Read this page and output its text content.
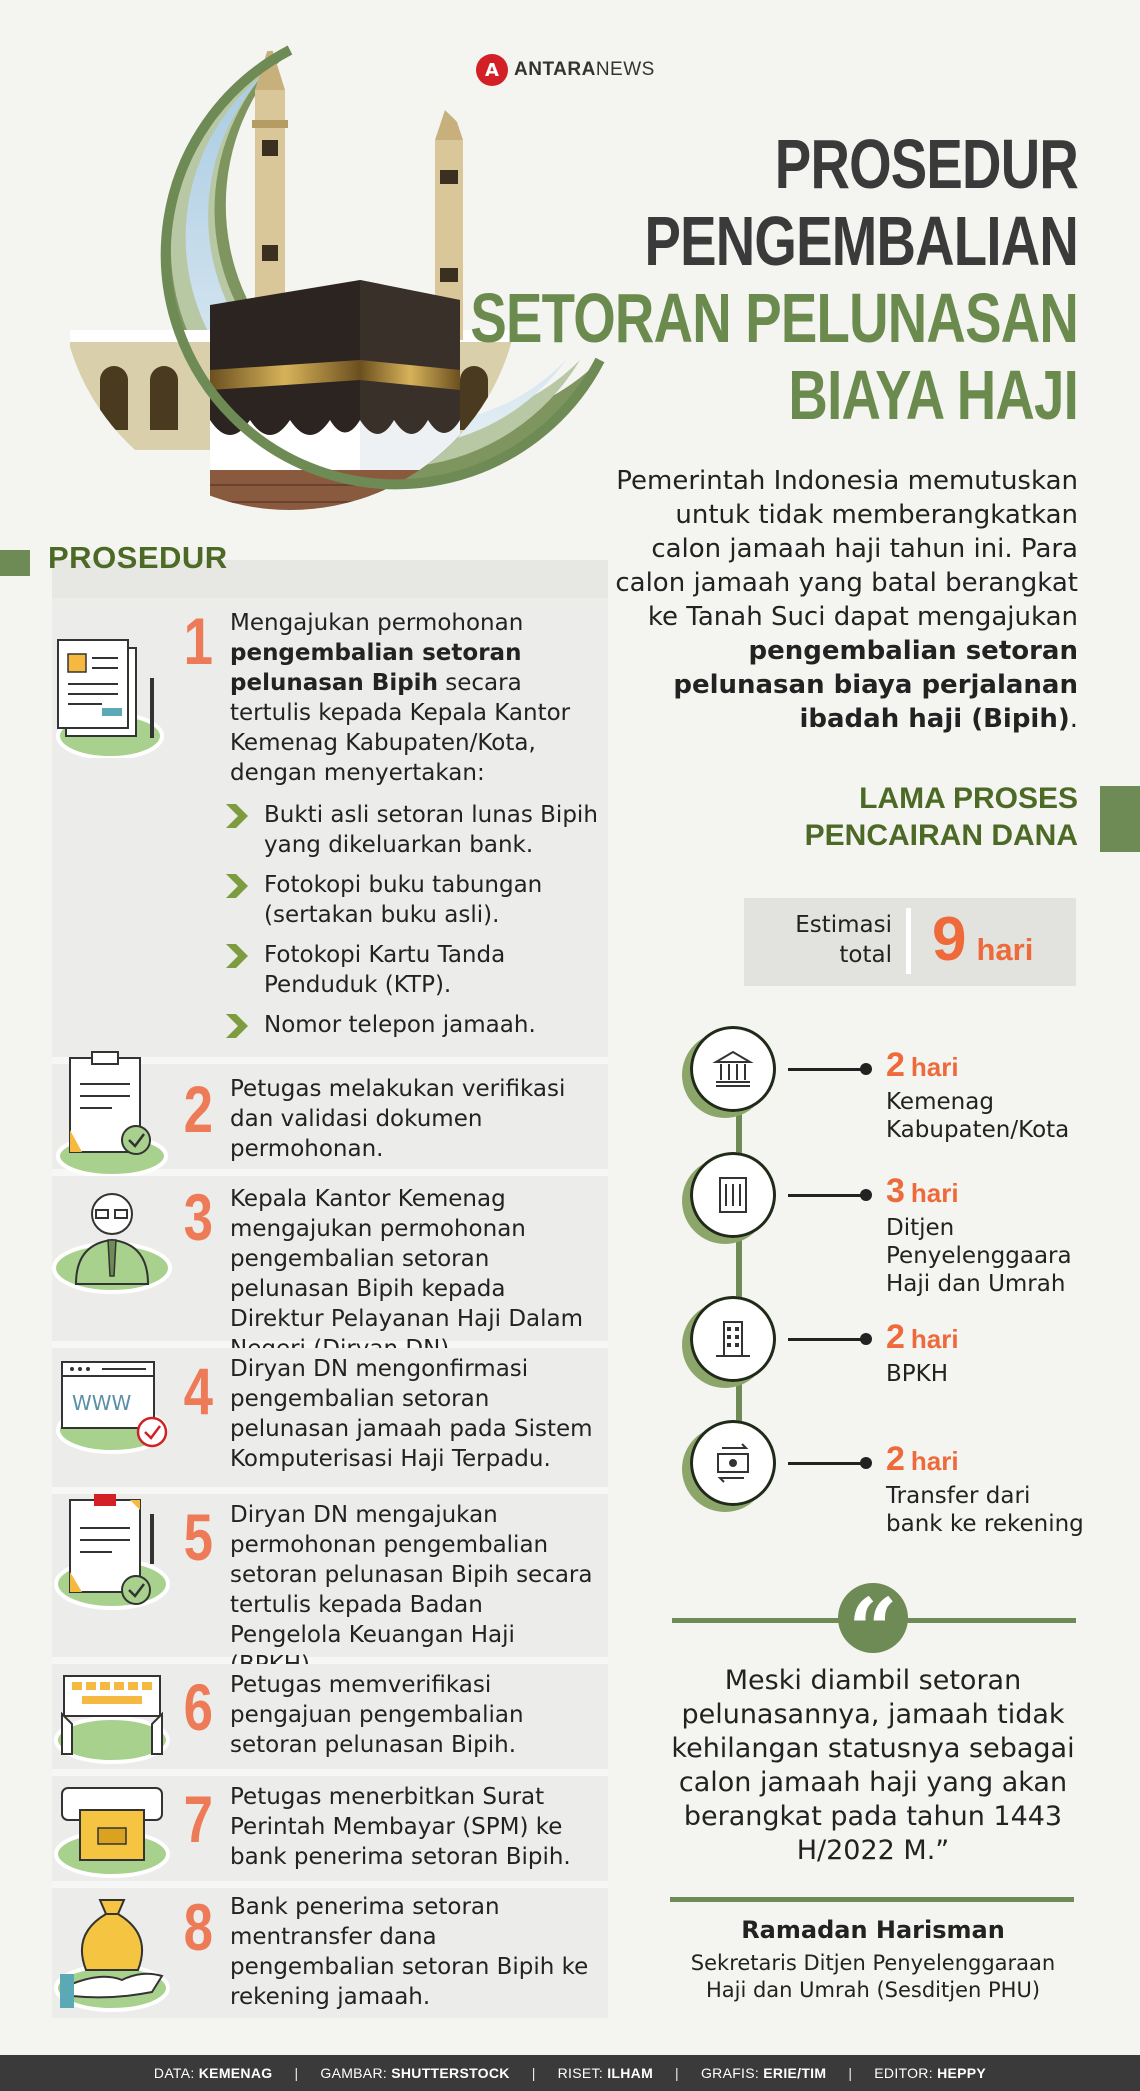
A ANTARANEWS
PROSEDUR
PENGEMBALIAN
SETORAN PELUNASAN
BIAYA HAJI
Pemerintah Indonesia memutuskan untuk tidak memberangkatkan calon jamaah haji tahun ini. Para calon jamaah yang batal berangkat ke Tanah Suci dapat mengajukan pengembalian setoran pelunasan biaya perjalanan ibadah haji (Bipih).
PROSEDUR
1 Mengajukan permohonan pengembalian setoran pelunasan Bipih secara tertulis kepada Kepala Kantor Kemenag Kabupaten/Kota, dengan menyertakan:
Bukti asli setoran lunas Bipih yang dikeluarkan bank.
Fotokopi buku tabungan (sertakan buku asli).
Fotokopi Kartu Tanda Penduduk (KTP).
Nomor telepon jamaah.
2 Petugas melakukan verifikasi dan validasi dokumen permohonan.
3 Kepala Kantor Kemenag mengajukan permohonan pengembalian setoran pelunasan Bipih kepada Direktur Pelayanan Haji Dalam
4
WWW
Diryan DN mengonfirmasi pengembalian setoran pelunasan jamaah pada Sistem Komputerisasi Haji Terpadu.
5 Diryan DN mengajukan permohonan pengembalian setoran pelunasan Bipih secara tertulis kepada Badan Pengelola Keuangan Haji
6 Petugas memverifikasi pengajuan pengembalian setoran pelunasan Bipih.
7 Petugas menerbitkan Surat Perintah Membayar (SPM) ke bank penerima setoran Bipih.
8 Bank penerima setoran mentransfer dana pengembalian setoran Bipih ke rekening jamaah.
LAMA PROSES
PENCAIRAN DANA
Estimasi total 9 hari
2 hari
Kemenag Kabupaten/Kota
3 hari
Ditjen Penyelenggaara Haji dan Umrah
2 hari
BPKH
2 hari
Transfer dari bank ke rekening
“
Meski diambil setoran pelunasannya, jamaah tidak kehilangan statusnya sebagai calon jamaah haji yang akan berangkat pada tahun 1443 H/2022 M.”
Ramadan Harisman
Sekretaris Ditjen Penyelenggaraan Haji dan Umrah (Sesditjen PHU)
DATA: KEMENAG | GAMBAR: SHUTTERSTOCK | RISET: ILHAM | GRAFIS: ERIE/TIM | EDITOR: HEPPY
